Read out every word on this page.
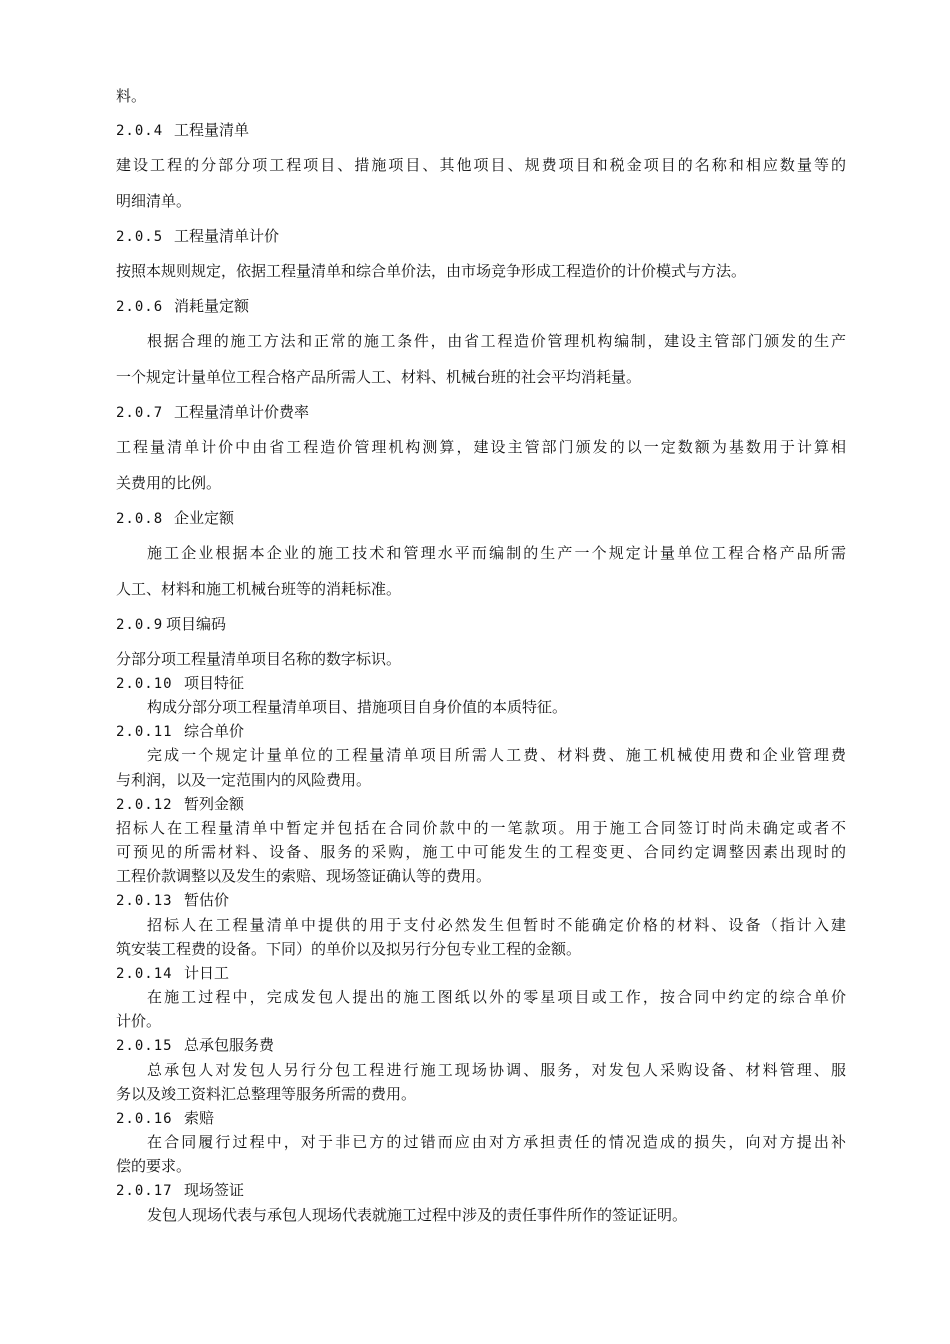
料。
2.0.4 工程量清单
建设工程的分部分项工程项目、措施项目、其他项目、规费项目和税金项目的名称和相应数量等的
明细清单。
2.0.5 工程量清单计价
按照本规则规定，依据工程量清单和综合单价法，由市场竞争形成工程造价的计价模式与方法。
2.0.6 消耗量定额
根据合理的施工方法和正常的施工条件，由省工程造价管理机构编制，建设主管部门颁发的生产
一个规定计量单位工程合格产品所需人工、材料、机械台班的社会平均消耗量。
2.0.7 工程量清单计价费率
工程量清单计价中由省工程造价管理机构测算，建设主管部门颁发的以一定数额为基数用于计算相
关费用的比例。
2.0.8 企业定额
施工企业根据本企业的施工技术和管理水平而编制的生产一个规定计量单位工程合格产品所需
人工、材料和施工机械台班等的消耗标准。
2.0.9 项目编码
分部分项工程量清单项目名称的数字标识。
2.0.10 项目特征
构成分部分项工程量清单项目、措施项目自身价值的本质特征。
2.0.11 综合单价
完成一个规定计量单位的工程量清单项目所需人工费、材料费、施工机械使用费和企业管理费
与利润，以及一定范围内的风险费用。
2.0.12 暂列金额
招标人在工程量清单中暂定并包括在合同价款中的一笔款项。用于施工合同签订时尚未确定或者不
可预见的所需材料、设备、服务的采购，施工中可能发生的工程变更、合同约定调整因素出现时的
工程价款调整以及发生的索赔、现场签证确认等的费用。
2.0.13 暂估价
招标人在工程量清单中提供的用于支付必然发生但暂时不能确定价格的材料、设备（指计入建
筑安装工程费的设备。下同）的单价以及拟另行分包专业工程的金额。
2.0.14 计日工
在施工过程中，完成发包人提出的施工图纸以外的零星项目或工作，按合同中约定的综合单价
计价。
2.0.15 总承包服务费
总承包人对发包人另行分包工程进行施工现场协调、服务，对发包人采购设备、材料管理、服
务以及竣工资料汇总整理等服务所需的费用。
2.0.16 索赔
在合同履行过程中，对于非已方的过错而应由对方承担责任的情况造成的损失，向对方提出补
偿的要求。
2.0.17 现场签证
发包人现场代表与承包人现场代表就施工过程中涉及的责任事件所作的签证证明。
